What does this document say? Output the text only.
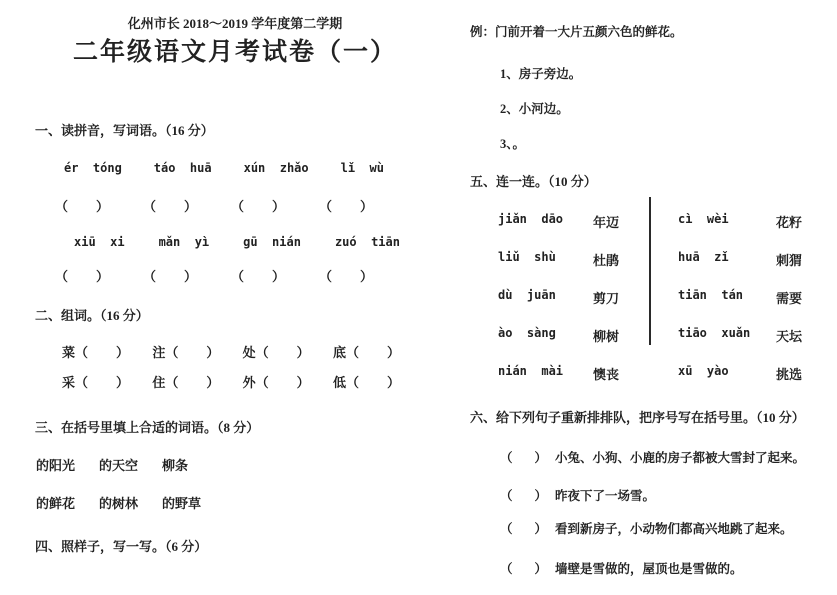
化州市长 2018～2019 学年度第二学期
二年级语文月考试卷（一）
一、读拼音，写词语。（16 分）
ér  tóng	táo  huā	xún  zhǎo	lǐ  wù
（ ）	（ ）	（ ）	（ ）
xiū  xi	mǎn  yì	gū  nián	zuó  tiān
（ ）	（ ）	（ ）	（ ）
二、组词。（16 分）
菜（ ） 注（ ） 处（ ） 底（ ）
采（ ） 住（ ） 外（ ） 低（ ）
三、在括号里填上合适的词语。（8 分）
的阳光 的天空 柳条
的鲜花 的树林 的野草
四、照样子，写一写。（6 分）
例：门前开着一大片五颜六色的鲜花。
1、房子旁边。
2、小河边。
3、。
五、连一连。（10 分）
jiǎn  dāo	年迈	cì  wèi	花籽
liǔ  shù	杜鹃	huā  zǐ	刺猬
dù  juān	剪刀	tiān  tán	需要
ào  sàng	柳树	tiāo  xuǎn	天坛
nián  mài	懊丧	xū  yào	挑选
六、给下列句子重新排排队，把序号写在括号里。（10 分）
（ ） 小兔、小狗、小鹿的房子都被大雪封了起来。
（ ） 昨夜下了一场雪。
（ ） 看到新房子，小动物们都高兴地跳了起来。
（ ） 墙壁是雪做的，屋顶也是雪做的。
